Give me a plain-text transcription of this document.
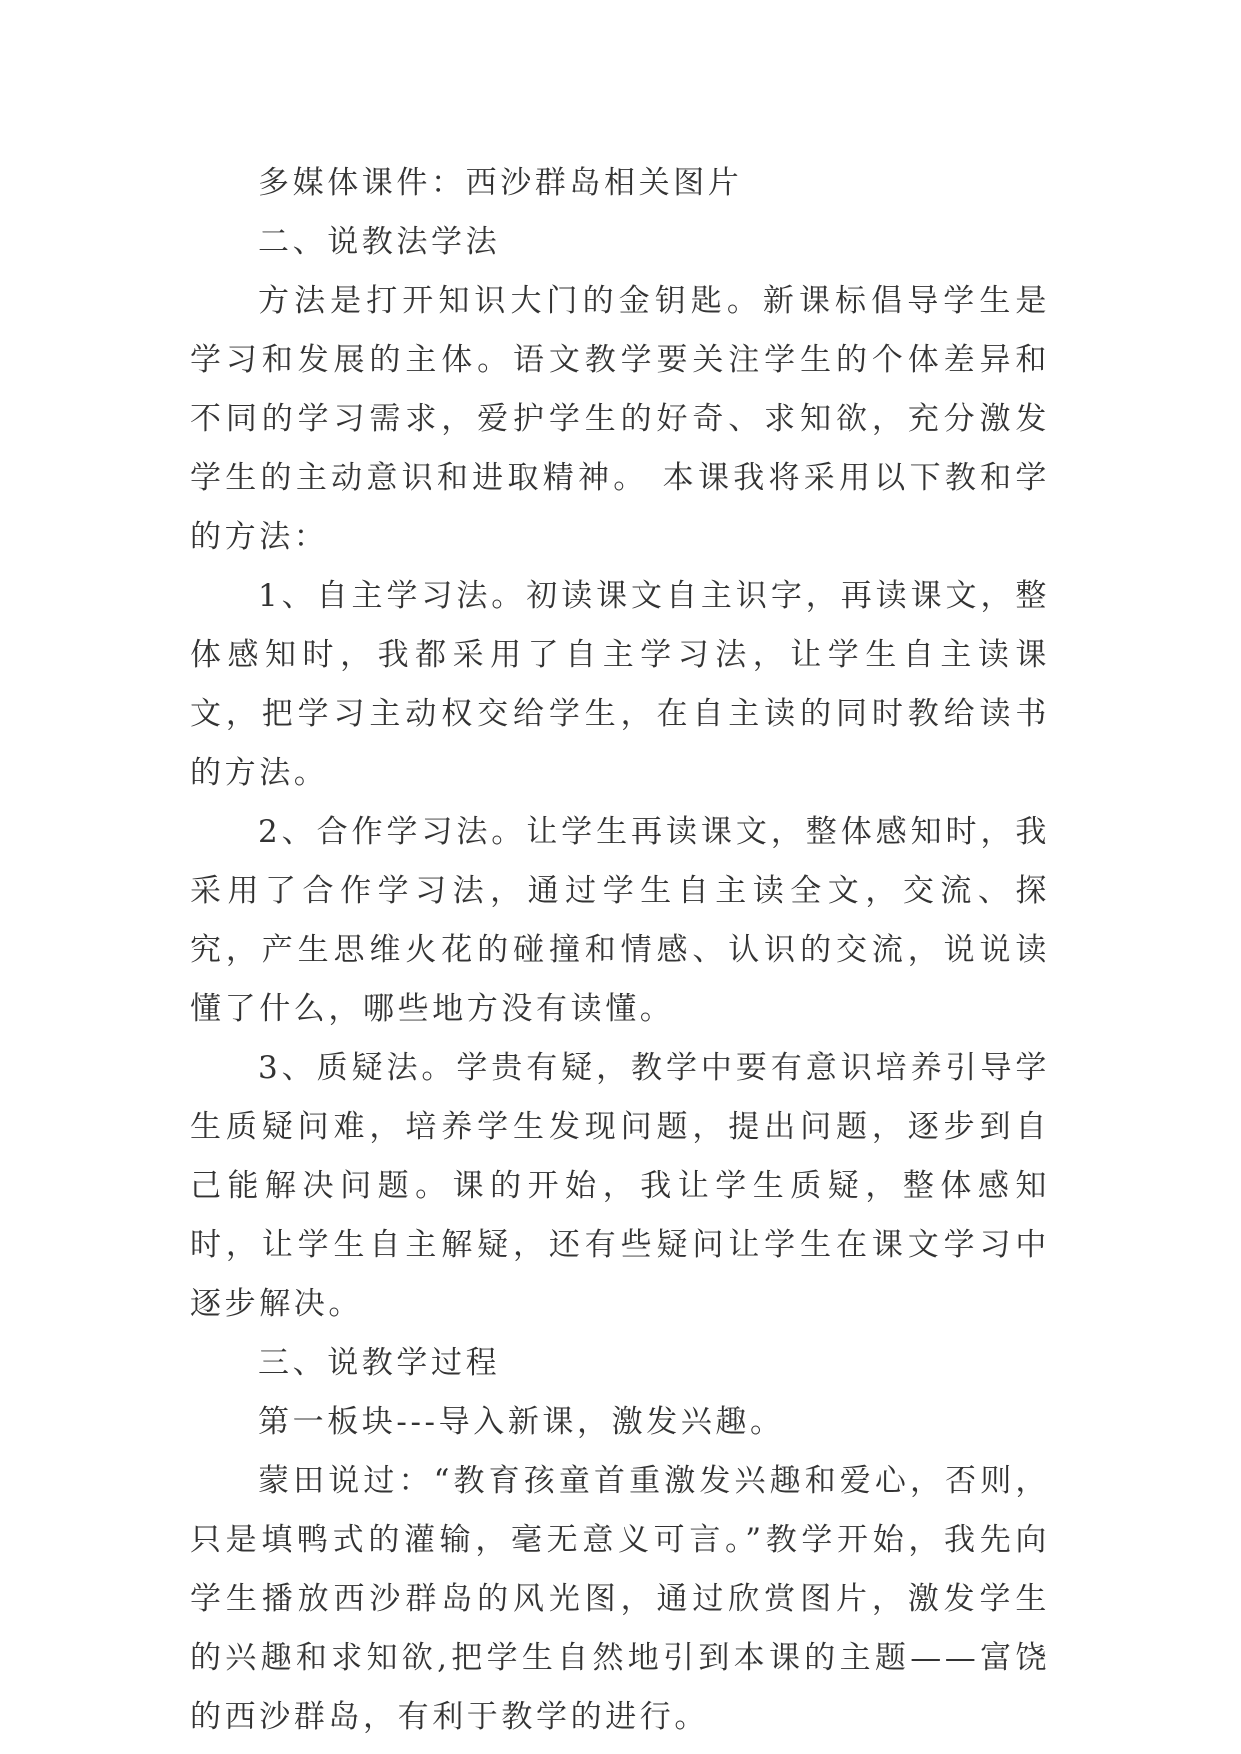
多媒体课件：西沙群岛相关图片

二、说教法学法

方法是打开知识大门的金钥匙。新课标倡导学生是学习和发展的主体。语文教学要关注学生的个体差异和不同的学习需求，爱护学生的好奇、求知欲，充分激发学生的主动意识和进取精神。 本课我将采用以下教和学的方法：

1、自主学习法。初读课文自主识字，再读课文，整体感知时，我都采用了自主学习法，让学生自主读课文，把学习主动权交给学生，在自主读的同时教给读书的方法。

2、合作学习法。让学生再读课文，整体感知时，我采用了合作学习法，通过学生自主读全文，交流、探究，产生思维火花的碰撞和情感、认识的交流，说说读懂了什么，哪些地方没有读懂。

3、质疑法。学贵有疑，教学中要有意识培养引导学生质疑问难，培养学生发现问题，提出问题，逐步到自己能解决问题。课的开始，我让学生质疑，整体感知时，让学生自主解疑，还有些疑问让学生在课文学习中逐步解决。

三、说教学过程

第一板块---导入新课，激发兴趣。

蒙田说过：“教育孩童首重激发兴趣和爱心，否则，只是填鸭式的灌输，毫无意义可言。”教学开始，我先向学生播放西沙群岛的风光图，通过欣赏图片，激发学生的兴趣和求知欲,把学生自然地引到本课的主题——富饶的西沙群岛，有利于教学的进行。
